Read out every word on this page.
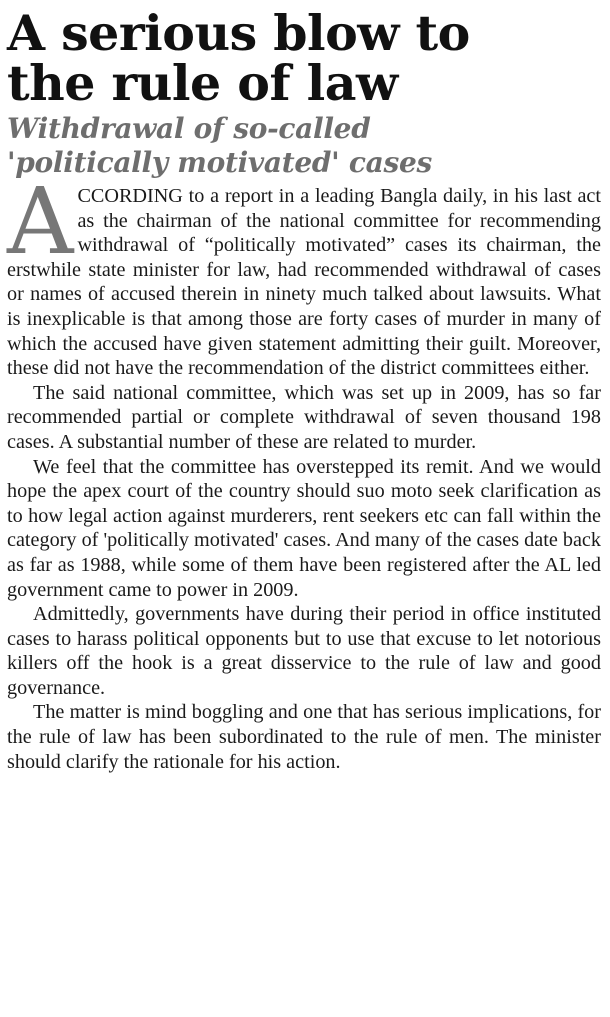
A serious blow to
the rule of law
Withdrawal of so-called
'politically motivated' cases

ACCORDING to a report in a leading Bangla daily, in his last act as the chairman of the national committee for recommending withdrawal of “politically motivated” cases its chairman, the erstwhile state minister for law, had recommended withdrawal of cases or names of accused therein in ninety much talked about lawsuits. What is inexplicable is that among those are forty cases of murder in many of which the accused have given statement admitting their guilt. Moreover, these did not have the recommendation of the district committees either.

The said national committee, which was set up in 2009, has so far recommended partial or complete withdrawal of seven thousand 198 cases. A substantial number of these are related to murder.

We feel that the committee has overstepped its remit. And we would hope the apex court of the country should suo moto seek clarification as to how legal action against murderers, rent seekers etc can fall within the category of 'politically motivated' cases. And many of the cases date back as far as 1988, while some of them have been registered after the AL led government came to power in 2009.

Admittedly, governments have during their period in office instituted cases to harass political opponents but to use that excuse to let notorious killers off the hook is a great disservice to the rule of law and good governance.

The matter is mind boggling and one that has serious implications, for the rule of law has been subordinated to the rule of men. The minister should clarify the rationale for his action.
